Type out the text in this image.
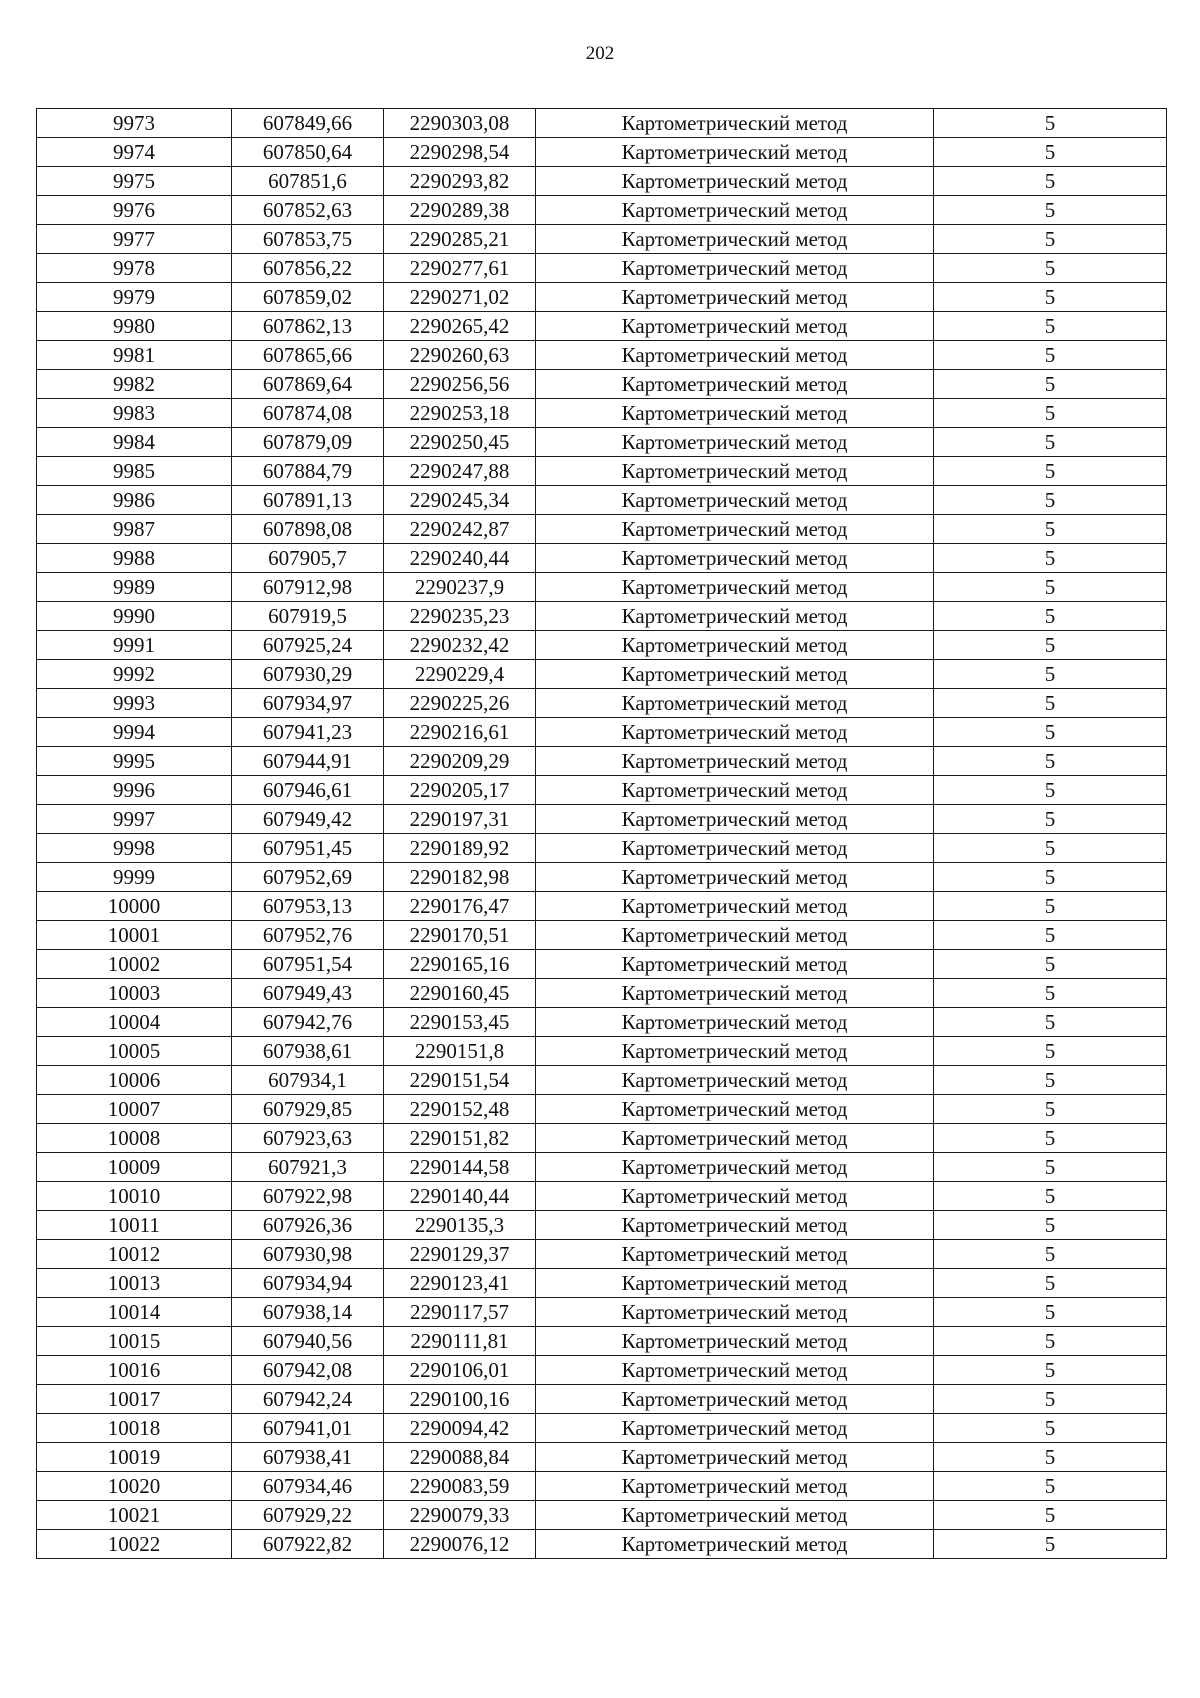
202
9973	607849,66	2290303,08	Картометрический метод	5
9974	607850,64	2290298,54	Картометрический метод	5
9975	607851,6	2290293,82	Картометрический метод	5
9976	607852,63	2290289,38	Картометрический метод	5
9977	607853,75	2290285,21	Картометрический метод	5
9978	607856,22	2290277,61	Картометрический метод	5
9979	607859,02	2290271,02	Картометрический метод	5
9980	607862,13	2290265,42	Картометрический метод	5
9981	607865,66	2290260,63	Картометрический метод	5
9982	607869,64	2290256,56	Картометрический метод	5
9983	607874,08	2290253,18	Картометрический метод	5
9984	607879,09	2290250,45	Картометрический метод	5
9985	607884,79	2290247,88	Картометрический метод	5
9986	607891,13	2290245,34	Картометрический метод	5
9987	607898,08	2290242,87	Картометрический метод	5
9988	607905,7	2290240,44	Картометрический метод	5
9989	607912,98	2290237,9	Картометрический метод	5
9990	607919,5	2290235,23	Картометрический метод	5
9991	607925,24	2290232,42	Картометрический метод	5
9992	607930,29	2290229,4	Картометрический метод	5
9993	607934,97	2290225,26	Картометрический метод	5
9994	607941,23	2290216,61	Картометрический метод	5
9995	607944,91	2290209,29	Картометрический метод	5
9996	607946,61	2290205,17	Картометрический метод	5
9997	607949,42	2290197,31	Картометрический метод	5
9998	607951,45	2290189,92	Картометрический метод	5
9999	607952,69	2290182,98	Картометрический метод	5
10000	607953,13	2290176,47	Картометрический метод	5
10001	607952,76	2290170,51	Картометрический метод	5
10002	607951,54	2290165,16	Картометрический метод	5
10003	607949,43	2290160,45	Картометрический метод	5
10004	607942,76	2290153,45	Картометрический метод	5
10005	607938,61	2290151,8	Картометрический метод	5
10006	607934,1	2290151,54	Картометрический метод	5
10007	607929,85	2290152,48	Картометрический метод	5
10008	607923,63	2290151,82	Картометрический метод	5
10009	607921,3	2290144,58	Картометрический метод	5
10010	607922,98	2290140,44	Картометрический метод	5
10011	607926,36	2290135,3	Картометрический метод	5
10012	607930,98	2290129,37	Картометрический метод	5
10013	607934,94	2290123,41	Картометрический метод	5
10014	607938,14	2290117,57	Картометрический метод	5
10015	607940,56	2290111,81	Картометрический метод	5
10016	607942,08	2290106,01	Картометрический метод	5
10017	607942,24	2290100,16	Картометрический метод	5
10018	607941,01	2290094,42	Картометрический метод	5
10019	607938,41	2290088,84	Картометрический метод	5
10020	607934,46	2290083,59	Картометрический метод	5
10021	607929,22	2290079,33	Картометрический метод	5
10022	607922,82	2290076,12	Картометрический метод	5
